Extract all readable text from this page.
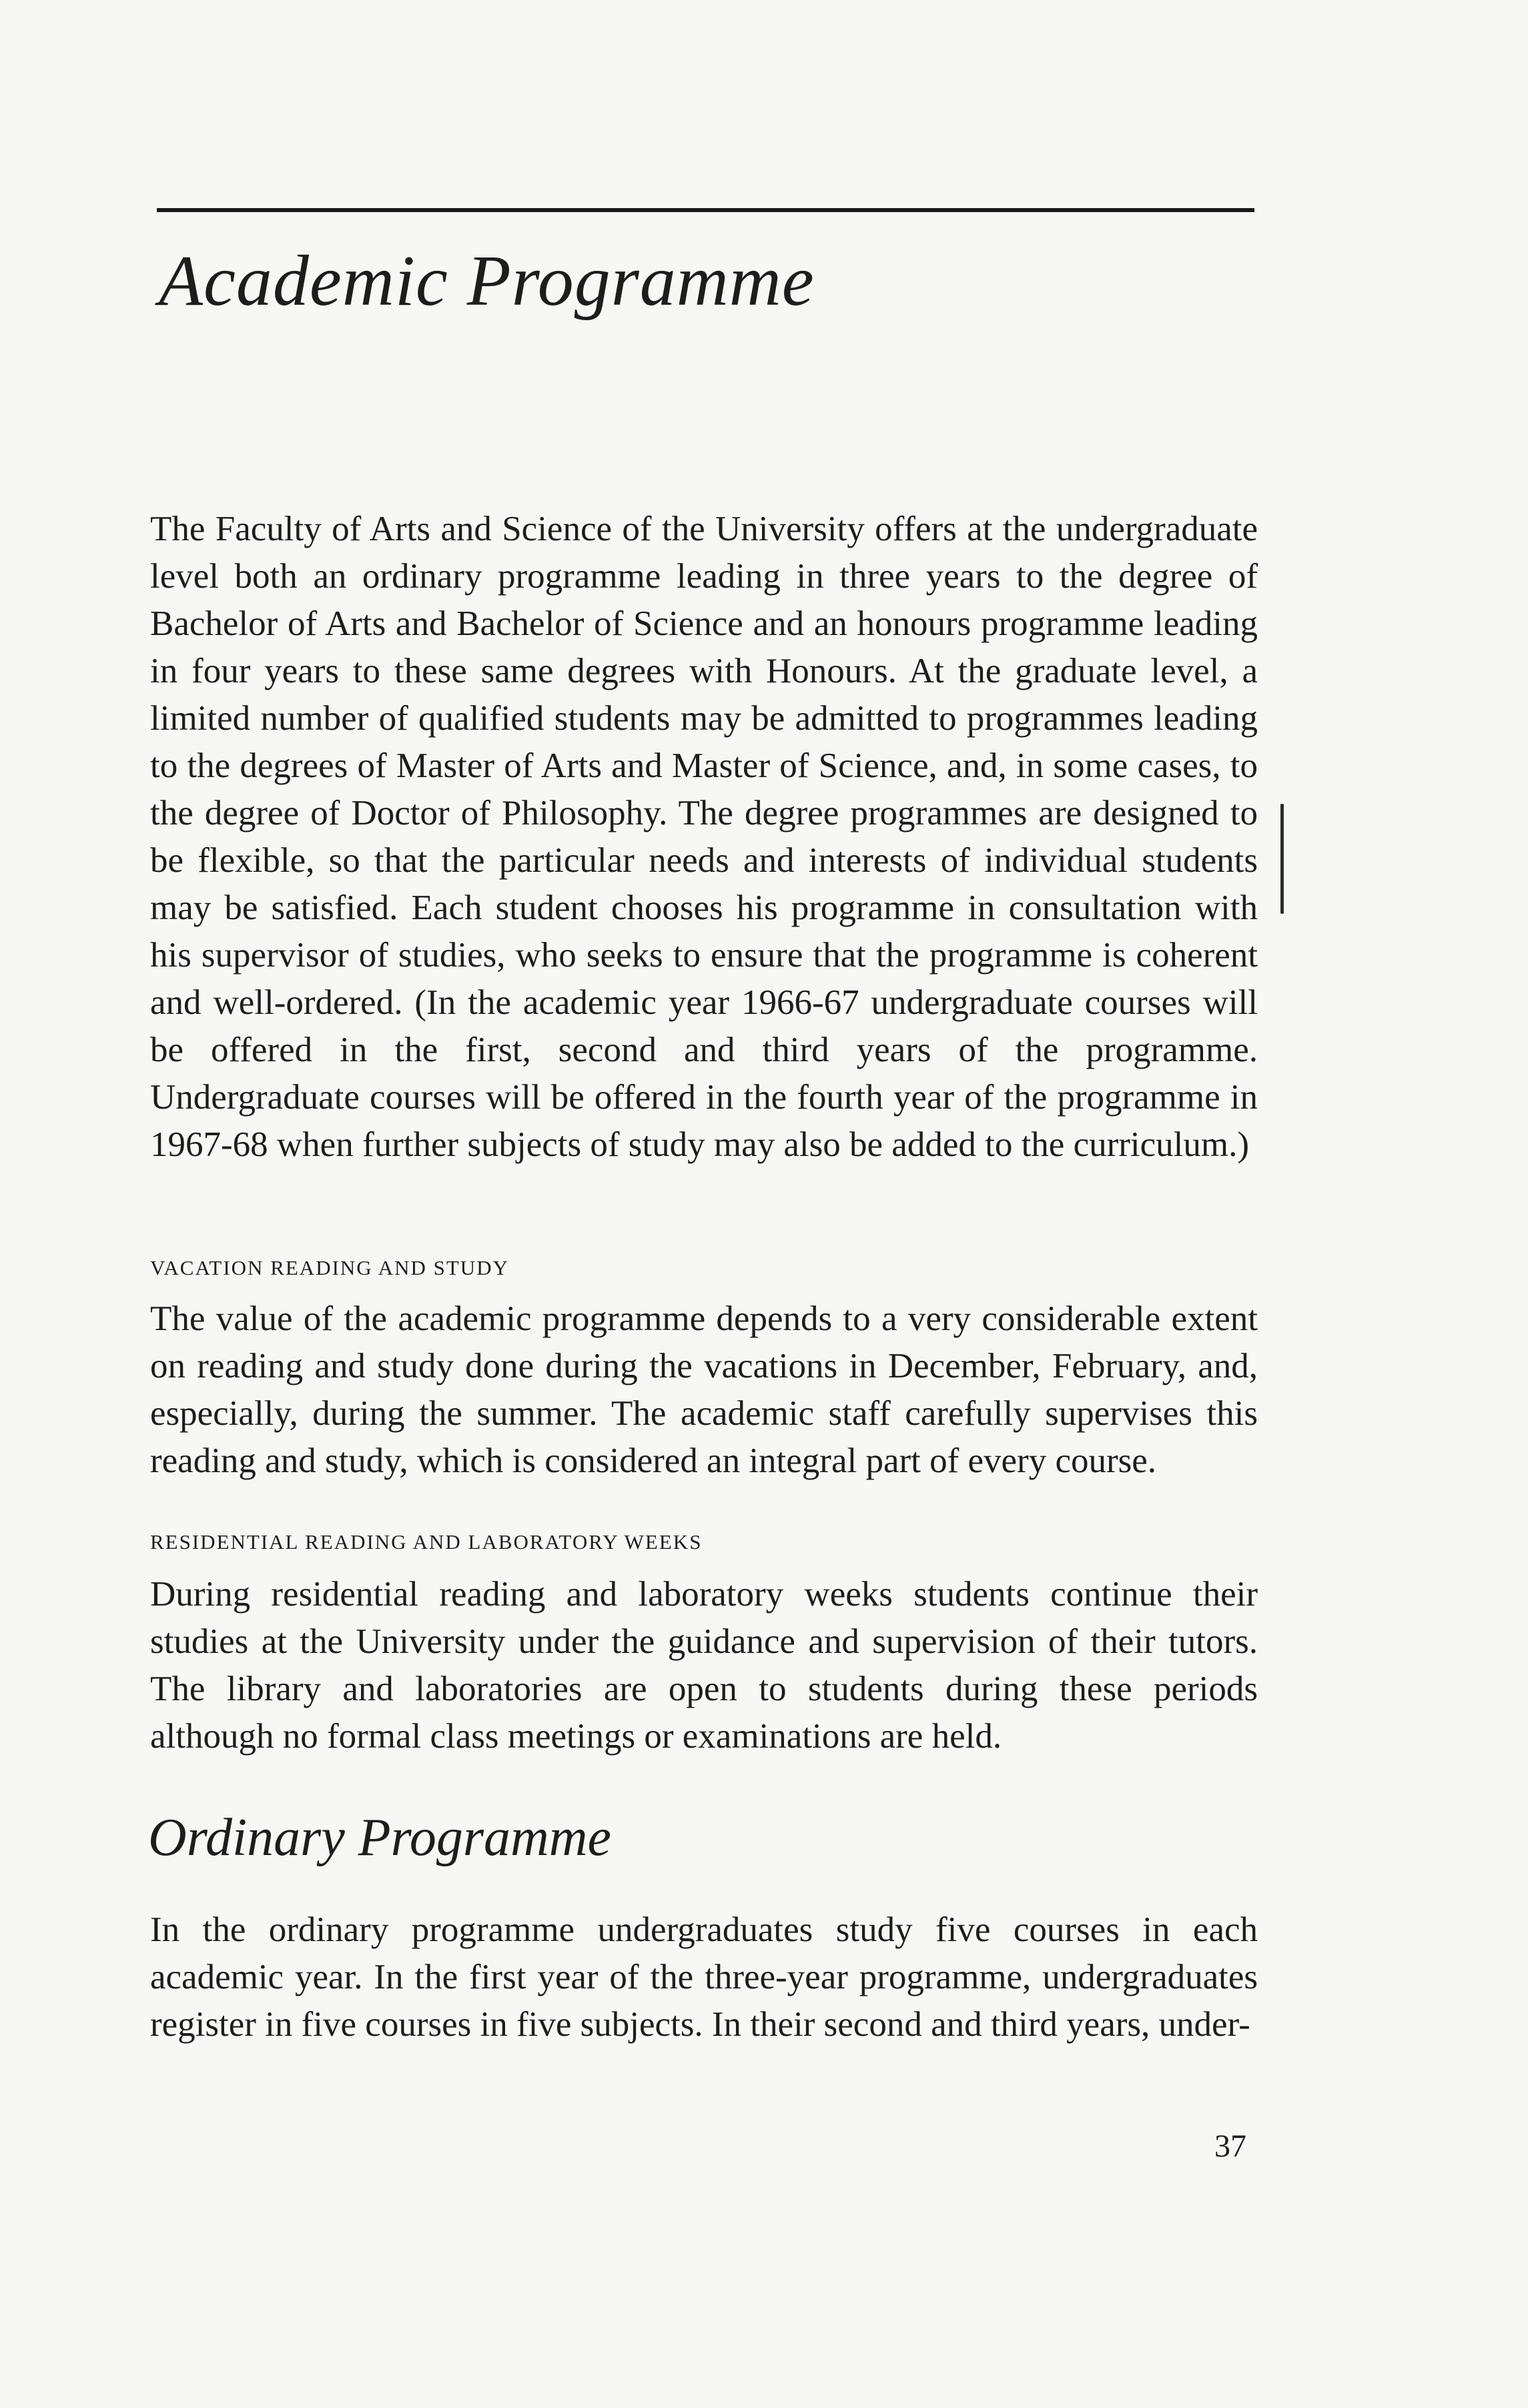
Academic Programme

The Faculty of Arts and Science of the University offers at the undergraduate level both an ordinary programme leading in three years to the degree of Bachelor of Arts and Bachelor of Science and an honours programme leading in four years to these same degrees with Honours. At the graduate level, a limited number of qualified students may be admitted to programmes leading to the degrees of Master of Arts and Master of Science, and, in some cases, to the degree of Doctor of Philosophy. The degree programmes are designed to be flexible, so that the particular needs and interests of individual students may be satisfied. Each student chooses his programme in consultation with his supervisor of studies, who seeks to ensure that the programme is coherent and well-ordered. (In the academic year 1966-67 undergraduate courses will be offered in the first, second and third years of the programme. Undergraduate courses will be offered in the fourth year of the programme in 1967-68 when further subjects of study may also be added to the curriculum.)

VACATION READING AND STUDY

The value of the academic programme depends to a very considerable extent on reading and study done during the vacations in December, February, and, especially, during the summer. The academic staff carefully supervises this reading and study, which is considered an integral part of every course.

RESIDENTIAL READING AND LABORATORY WEEKS

During residential reading and laboratory weeks students continue their studies at the University under the guidance and supervision of their tutors. The library and laboratories are open to students during these periods although no formal class meetings or examinations are held.

Ordinary Programme

In the ordinary programme undergraduates study five courses in each academic year. In the first year of the three-year programme, undergraduates register in five courses in five subjects. In their second and third years, under-

37
